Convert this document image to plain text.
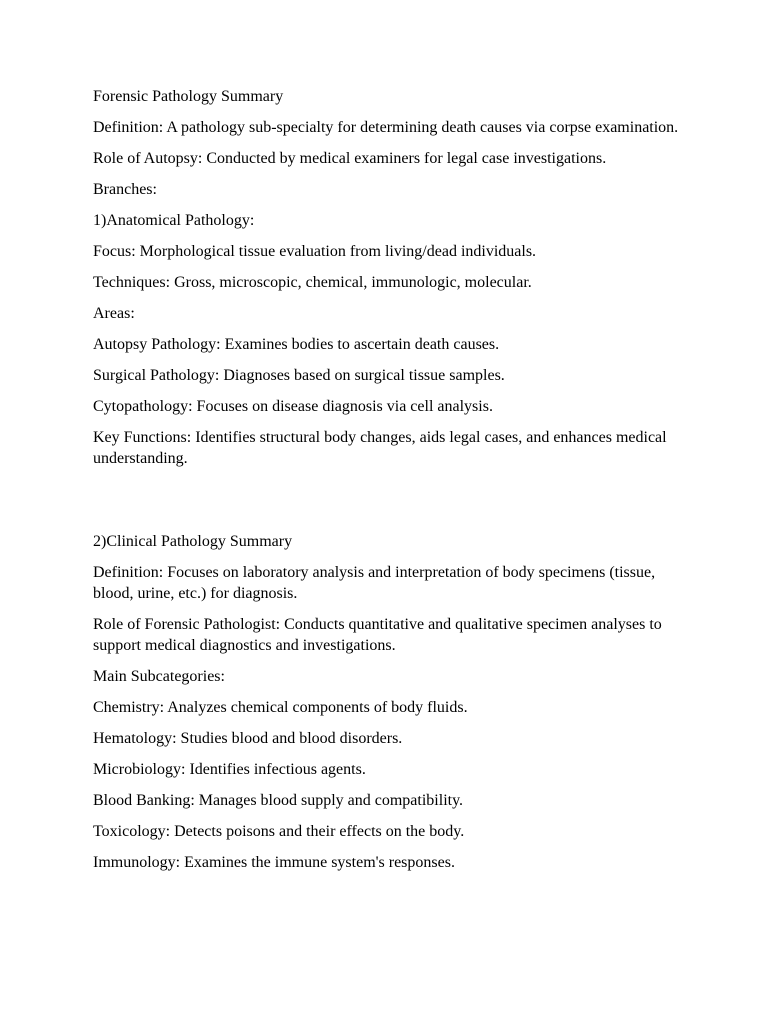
Forensic Pathology Summary

Definition: A pathology sub-specialty for determining death causes via corpse examination.

Role of Autopsy: Conducted by medical examiners for legal case investigations.

Branches:

1)Anatomical Pathology:

Focus: Morphological tissue evaluation from living/dead individuals.

Techniques: Gross, microscopic, chemical, immunologic, molecular.

Areas:

Autopsy Pathology: Examines bodies to ascertain death causes.

Surgical Pathology: Diagnoses based on surgical tissue samples.

Cytopathology: Focuses on disease diagnosis via cell analysis.

Key Functions: Identifies structural body changes, aids legal cases, and enhances medical understanding.

2)Clinical Pathology Summary

Definition: Focuses on laboratory analysis and interpretation of body specimens (tissue, blood, urine, etc.) for diagnosis.

Role of Forensic Pathologist: Conducts quantitative and qualitative specimen analyses to support medical diagnostics and investigations.

Main Subcategories:

Chemistry: Analyzes chemical components of body fluids.

Hematology: Studies blood and blood disorders.

Microbiology: Identifies infectious agents.

Blood Banking: Manages blood supply and compatibility.

Toxicology: Detects poisons and their effects on the body.

Immunology: Examines the immune system's responses.
